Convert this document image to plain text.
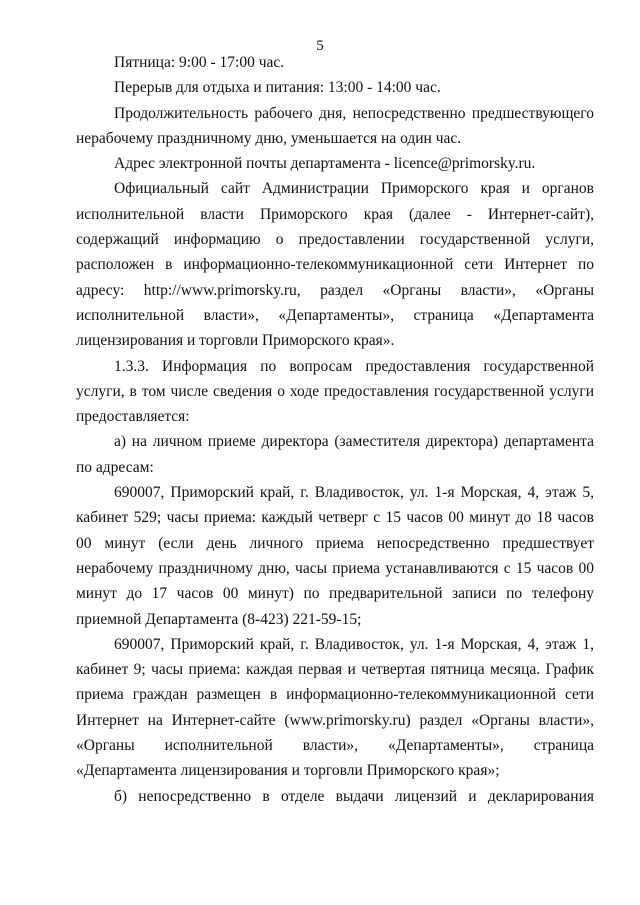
5

Пятница: 9:00 - 17:00 час.

Перерыв для отдыха и питания: 13:00 - 14:00 час.

Продолжительность рабочего дня, непосредственно предшествующего нерабочему праздничному дню, уменьшается на один час.

Адрес электронной почты департамента - licence@primorsky.ru.

Официальный сайт Администрации Приморского края и органов исполнительной власти Приморского края (далее - Интернет-сайт), содержащий информацию о предоставлении государственной услуги, расположен в информационно-телекоммуникационной сети Интернет по адресу: http://www.primorsky.ru, раздел «Органы власти», «Органы исполнительной власти», «Департаменты», страница «Департамента лицензирования и торговли Приморского края».

1.3.3. Информация по вопросам предоставления государственной услуги, в том числе сведения о ходе предоставления государственной услуги предоставляется:

а) на личном приеме директора (заместителя директора) департамента по адресам:

690007, Приморский край, г. Владивосток, ул. 1-я Морская, 4, этаж 5, кабинет 529; часы приема: каждый четверг с 15 часов 00 минут до 18 часов 00 минут (если день личного приема непосредственно предшествует нерабочему праздничному дню, часы приема устанавливаются с 15 часов 00 минут до 17 часов 00 минут) по предварительной записи по телефону приемной Департамента (8-423) 221-59-15;

690007, Приморский край, г. Владивосток, ул. 1-я Морская, 4, этаж 1, кабинет 9; часы приема: каждая первая и четвертая пятница месяца. График приема граждан размещен в информационно-телекоммуникационной сети Интернет на Интернет-сайте (www.primorsky.ru) раздел «Органы власти», «Органы исполнительной власти», «Департаменты», страница «Департамента лицензирования и торговли Приморского края»;

б) непосредственно в отделе выдачи лицензий и декларирования
